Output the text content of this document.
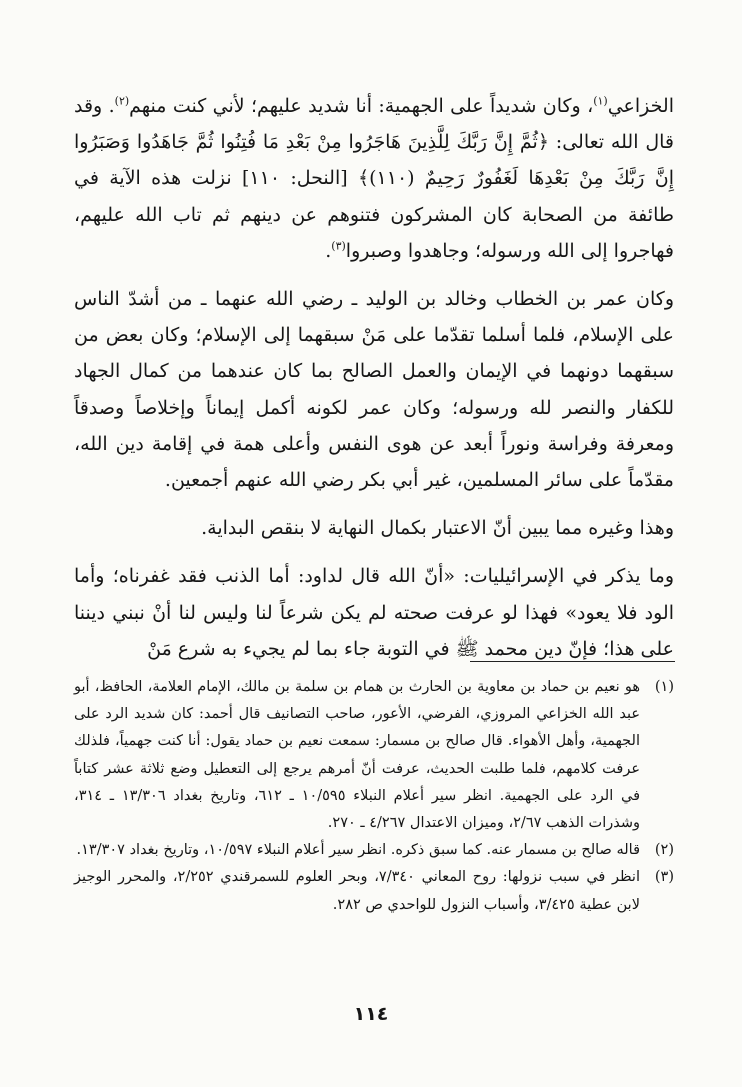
الخزاعي$^{(١)}$، وكان شديداً على الجهمية: أنا شديد عليهم؛ لأني كنت منهم$^{(٢)}$. وقد قال الله تعالى: ﴿ثُمَّ إِنَّ رَبَّكَ لِلَّذِينَ هَاجَرُوا مِنْ بَعْدِ مَا فُتِنُوا ثُمَّ جَاهَدُوا وَصَبَرُوا إِنَّ رَبَّكَ مِنْ بَعْدِهَا لَغَفُورٌ رَحِيمٌ (١١٠)﴾ [النحل: ١١٠] نزلت هذه الآية في طائفة من الصحابة كان المشركون فتنوهم عن دينهم ثم تاب الله عليهم، فهاجروا إلى الله ورسوله؛ وجاهدوا وصبروا$^{(٣)}$.

وكان عمر بن الخطاب وخالد بن الوليد ـ رضي الله عنهما ـ من أشدّ الناس على الإسلام، فلما أسلما تقدّما على مَنْ سبقهما إلى الإسلام؛ وكان بعض من سبقهما دونهما في الإيمان والعمل الصالح بما كان عندهما من كمال الجهاد للكفار والنصر لله ورسوله؛ وكان عمر لكونه أكمل إيماناً وإخلاصاً وصدقاً ومعرفة وفراسة ونوراً أبعد عن هوى النفس وأعلى همة في إقامة دين الله، مقدّماً على سائر المسلمين، غير أبي بكر رضي الله عنهم أجمعين.

وهذا وغيره مما يبين أنّ الاعتبار بكمال النهاية لا بنقص البداية.

وما يذكر في الإسرائيليات: «أنّ الله قال لداود: أما الذنب فقد غفرناه؛ وأما الود فلا يعود» فهذا لو عرفت صحته لم يكن شرعاً لنا وليس لنا أنْ نبني ديننا على هذا؛ فإنّ دين محمد ﷺ في التوبة جاء بما لم يجيء به شرع مَنْ

(١)
هو نعيم بن حماد بن معاوية بن الحارث بن همام بن سلمة بن مالك، الإمام العلامة، الحافظ، أبو عبد الله الخزاعي المروزي، الفرضي، الأعور، صاحب التصانيف قال أحمد: كان شديد الرد على الجهمية، وأهل الأهواء. قال صالح بن مسمار: سمعت نعيم بن حماد يقول: أنا كنت جهمياً، فلذلك عرفت كلامهم، فلما طلبت الحديث، عرفت أنّ أمرهم يرجع إلى التعطيل وضع ثلاثة عشر كتاباً في الرد على الجهمية. انظر سير أعلام النبلاء ١٠/٥٩٥ ـ ٦١٢، وتاريخ بغداد ١٣/٣٠٦ ـ ٣١٤، وشذرات الذهب ٢/٦٧، وميزان الاعتدال ٤/٢٦٧ ـ ٢٧٠.

(٢)
قاله صالح بن مسمار عنه. كما سبق ذكره. انظر سير أعلام النبلاء ١٠/٥٩٧، وتاريخ بغداد ١٣/٣٠٧.

(٣)
انظر في سبب نزولها: روح المعاني ٧/٣٤٠، وبحر العلوم للسمرقندي ٢/٢٥٢، والمحرر الوجيز لابن عطية ٣/٤٢٥، وأسباب النزول للواحدي ص ٢٨٢.

١١٤
